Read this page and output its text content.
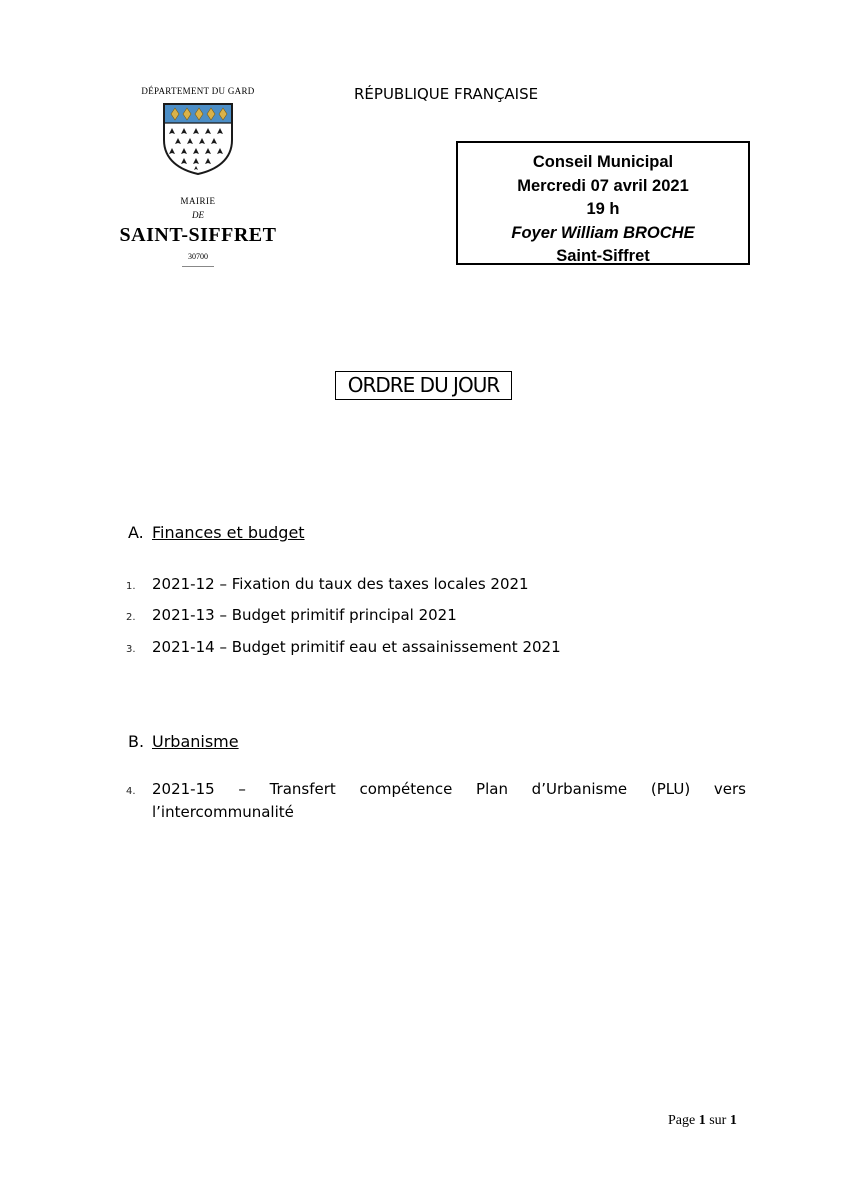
DÉPARTEMENT DU GARD
MAIRIE
DE
SAINT-SIFFRET
30700
RÉPUBLIQUE FRANÇAISE
Conseil Municipal
Mercredi 07 avril 2021
19 h
Foyer William BROCHE
Saint-Siffret
ORDRE DU JOUR
A. Finances et budget
1. 2021-12 – Fixation du taux des taxes locales 2021
2. 2021-13 – Budget primitif principal 2021
3. 2021-14 – Budget primitif eau et assainissement 2021
B. Urbanisme
4. 2021-15 – Transfert compétence Plan d’Urbanisme (PLU) vers l’intercommunalité
Page 1 sur 1
